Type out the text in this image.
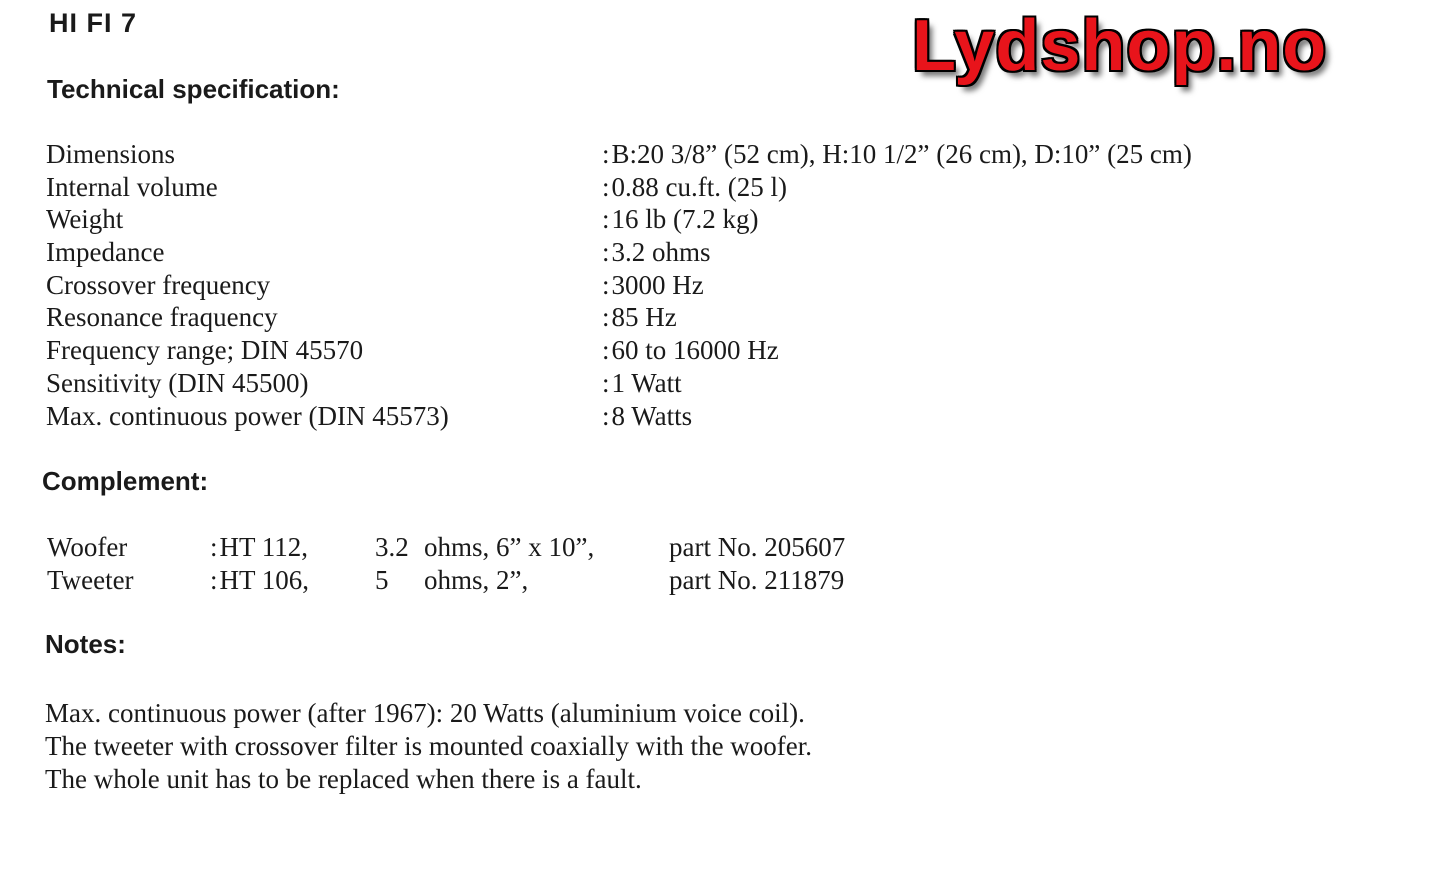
HI FI 7	Lydshop.no
Technical specification:
Dimensions	: B:20 3/8” (52 cm), H:10 1/2” (26 cm), D:10” (25 cm)
Internal volume	: 0.88 cu.ft. (25 l)
Weight	: 16 lb (7.2 kg)
Impedance	: 3.2 ohms
Crossover frequency	: 3000 Hz
Resonance fraquency	: 85 Hz
Frequency range; DIN 45570	: 60 to 16000 Hz
Sensitivity (DIN 45500)	: 1 Watt
Max. continuous power (DIN 45573)	: 8 Watts
Complement:
Woofer	: HT 112, 3.2 ohms, 6” x 10”,	part No. 205607
Tweeter	: HT 106, 5 ohms, 2”,	part No. 211879
Notes:
Max. continuous power (after 1967): 20 Watts (aluminium voice coil).
The tweeter with crossover filter is mounted coaxially with the woofer.
The whole unit has to be replaced when there is a fault.
